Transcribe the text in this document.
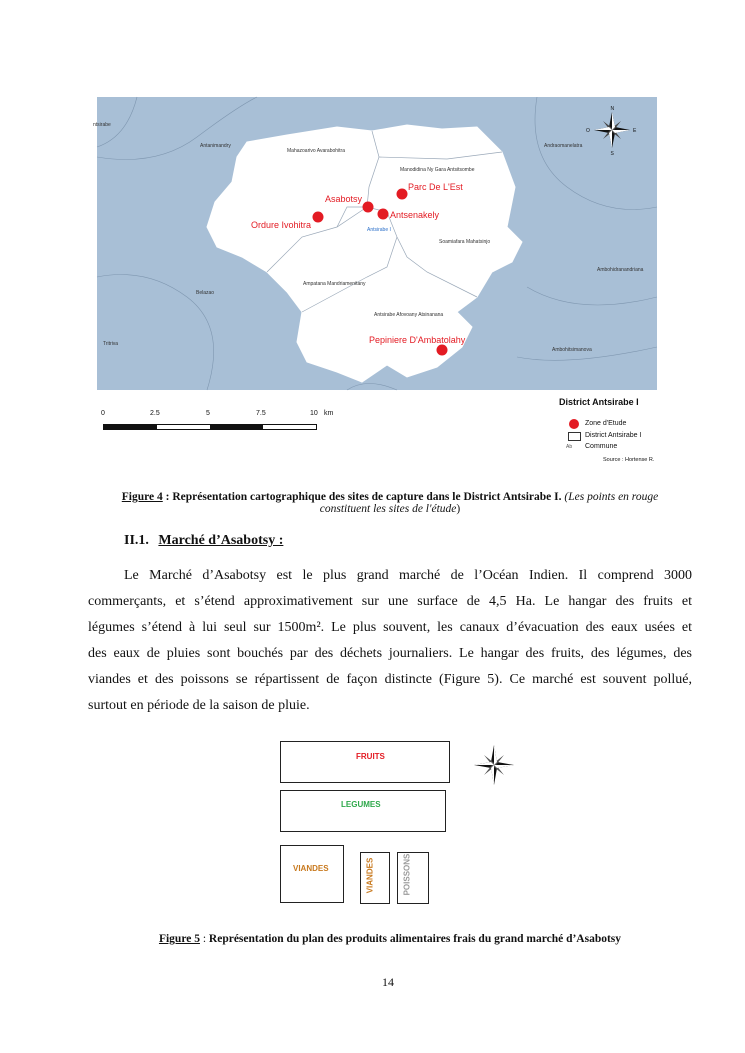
ntsirabe
Antanimandry	Andraomanelatra
Ambohidranandriana
Belazao
Tritriva
Ambohitsimanova
Mahazoarivo Avarabohitra
Manodidina Ny Gara Antsitsombe
Soamiafara Mahatsinjo
Ampatana Mandriamenitany
Antsirabe Afovoany Atsinanana
Antsirabe I
Asabotsy
Parc De L'Est
Ordure Ivohitra
Antsenakely
Pepiniere D'Ambatolahy
N
S
E
O
0	2.5	5	7.5	10 km
District Antsirabe I
Zone d'Etude
District Antsirabe I
Ab Commune
Source : Hortense R.
Figure 4 : Représentation cartographique des sites de capture dans le District Antsirabe I. (Les points en rouge
constituent les sites de l'étude)
II.1. Marché d’Asabotsy :
Le Marché d’Asabotsy est le plus grand marché de l’Océan Indien. Il comprend 3000
commerçants, et s’étend approximativement sur une surface de 4,5 Ha. Le hangar des fruits et
légumes s’étend à lui seul sur 1500m². Le plus souvent, les canaux d’évacuation des eaux usées et
des eaux de pluies sont bouchés par des déchets journaliers. Le hangar des fruits, des légumes, des
viandes et des poissons se répartissent de façon distincte (Figure 5). Ce marché est souvent pollué,
surtout en période de la saison de pluie.
FRUITS
LEGUMES
VIANDES	VIANDES	POISSONS
Figure 5 : Représentation du plan des produits alimentaires frais du grand marché d’Asabotsy
14
